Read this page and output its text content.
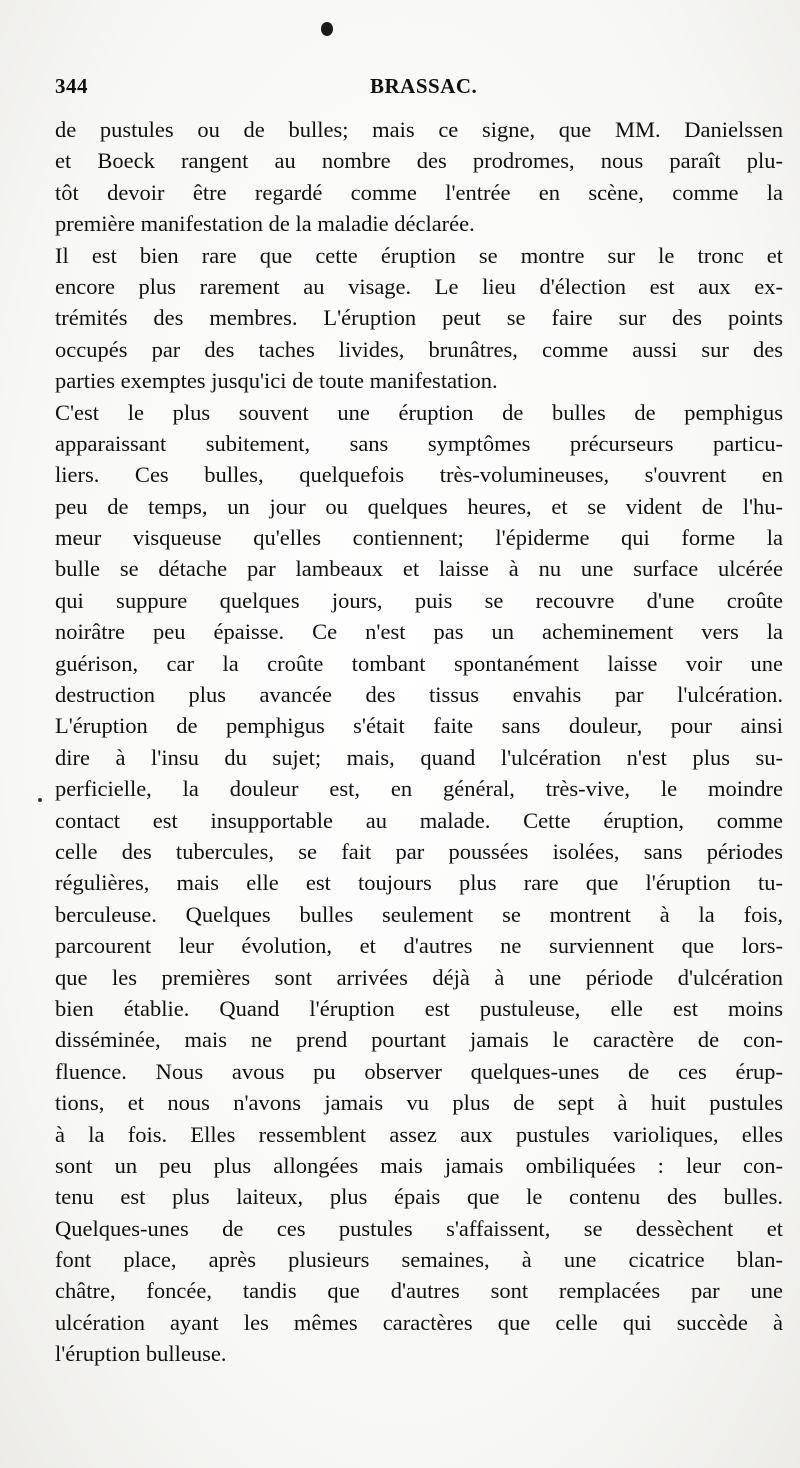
344	BRASSAC.
de pustules ou de bulles; mais ce signe, que MM. Danielssen
et Boeck rangent au nombre des prodromes, nous paraît plu-
tôt devoir être regardé comme l'entrée en scène, comme la
première manifestation de la maladie déclarée.
Il est bien rare que cette éruption se montre sur le tronc et
encore plus rarement au visage. Le lieu d'élection est aux ex-
trémités des membres. L'éruption peut se faire sur des points
occupés par des taches livides, brunâtres, comme aussi sur des
parties exemptes jusqu'ici de toute manifestation.
C'est le plus souvent une éruption de bulles de pemphigus
apparaissant subitement, sans symptômes précurseurs particu-
liers. Ces bulles, quelquefois très-volumineuses, s'ouvrent en
peu de temps, un jour ou quelques heures, et se vident de l'hu-
meur visqueuse qu'elles contiennent; l'épiderme qui forme la
bulle se détache par lambeaux et laisse à nu une surface ulcérée
qui suppure quelques jours, puis se recouvre d'une croûte
noirâtre peu épaisse. Ce n'est pas un acheminement vers la
guérison, car la croûte tombant spontanément laisse voir une
destruction plus avancée des tissus envahis par l'ulcération.
L'éruption de pemphigus s'était faite sans douleur, pour ainsi
dire à l'insu du sujet; mais, quand l'ulcération n'est plus su-
perficielle, la douleur est, en général, très-vive, le moindre
contact est insupportable au malade. Cette éruption, comme
celle des tubercules, se fait par poussées isolées, sans périodes
régulières, mais elle est toujours plus rare que l'éruption tu-
berculeuse. Quelques bulles seulement se montrent à la fois,
parcourent leur évolution, et d'autres ne surviennent que lors-
que les premières sont arrivées déjà à une période d'ulcération
bien établie. Quand l'éruption est pustuleuse, elle est moins
disséminée, mais ne prend pourtant jamais le caractère de con-
fluence. Nous avous pu observer quelques-unes de ces érup-
tions, et nous n'avons jamais vu plus de sept à huit pustules
à la fois. Elles ressemblent assez aux pustules varioliques, elles
sont un peu plus allongées mais jamais ombiliquées : leur con-
tenu est plus laiteux, plus épais que le contenu des bulles.
Quelques-unes de ces pustules s'affaissent, se dessèchent et
font place, après plusieurs semaines, à une cicatrice blan-
châtre, foncée, tandis que d'autres sont remplacées par une
ulcération ayant les mêmes caractères que celle qui succède à
l'éruption bulleuse.
